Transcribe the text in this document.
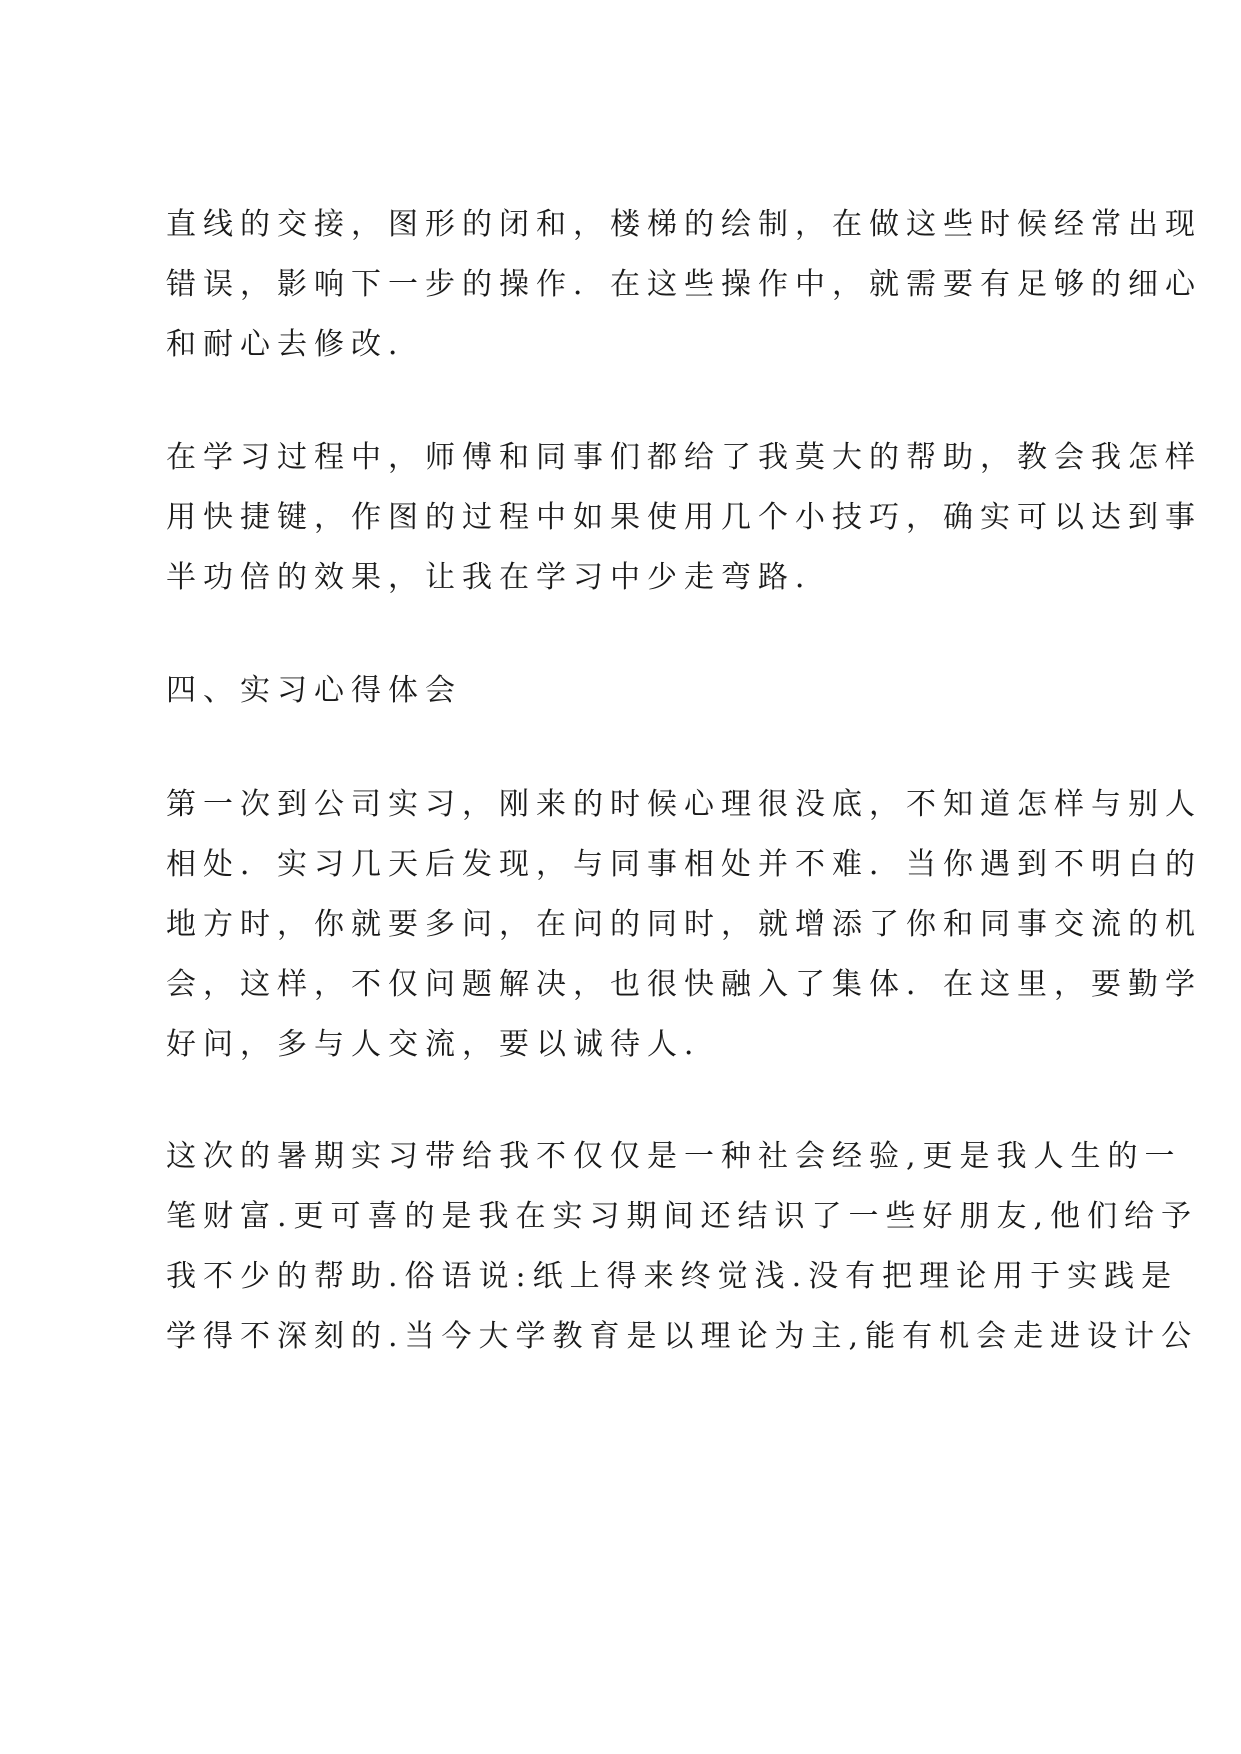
直线的交接，图形的闭和，楼梯的绘制，在做这些时候经常出现
错误，影响下一步的操作．在这些操作中，就需要有足够的细心
和耐心去修改．
在学习过程中，师傅和同事们都给了我莫大的帮助，教会我怎样
用快捷键，作图的过程中如果使用几个小技巧，确实可以达到事
半功倍的效果，让我在学习中少走弯路．
四、实习心得体会
第一次到公司实习，刚来的时候心理很没底，不知道怎样与别人
相处．实习几天后发现，与同事相处并不难．当你遇到不明白的
地方时，你就要多问，在问的同时，就增添了你和同事交流的机
会，这样，不仅问题解决，也很快融入了集体．在这里，要勤学
好问，多与人交流，要以诚待人．
这次的暑期实习带给我不仅仅是一种社会经验,更是我人生的一
笔财富.更可喜的是我在实习期间还结识了一些好朋友,他们给予
我不少的帮助.俗语说:纸上得来终觉浅.没有把理论用于实践是
学得不深刻的.当今大学教育是以理论为主,能有机会走进设计公
